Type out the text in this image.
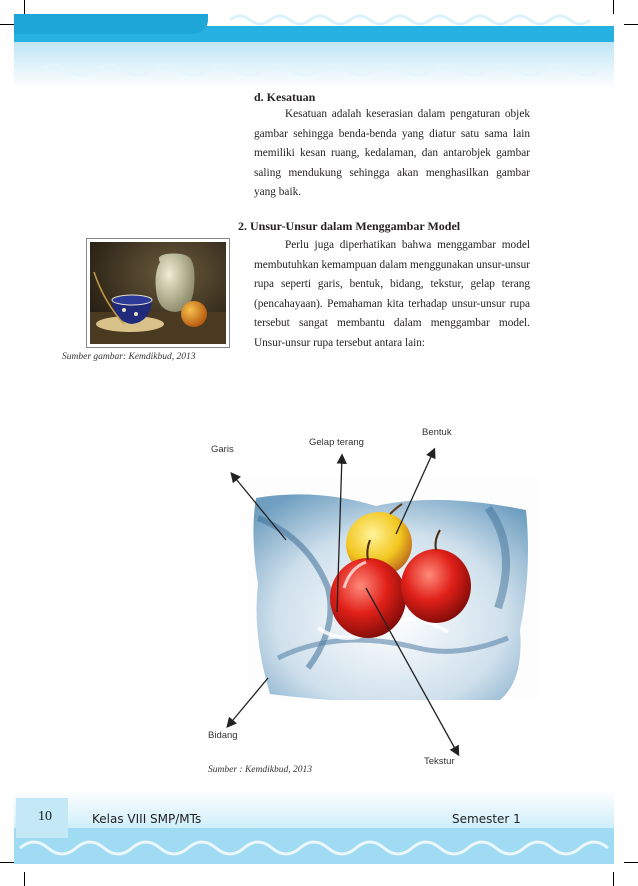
d. Kesatuan

Kesatuan adalah keserasian dalam pengaturan objek gambar sehingga benda-benda yang diatur satu sama lain memiliki kesan ruang, kedalaman, dan antarobjek gambar saling mendukung sehingga akan menghasilkan gambar yang baik.

2. Unsur-Unsur dalam Menggambar Model

Perlu juga diperhatikan bahwa menggambar model membutuhkan kemampuan dalam menggunakan unsur-unsur rupa seperti garis, bentuk, bidang, tekstur, gelap terang (pencahayaan). Pemahaman kita terhadap unsur-unsur rupa tersebut sangat membantu dalam menggambar model. Unsur-unsur rupa tersebut antara lain:

Sumber gambar: Kemdikbud, 2013
Garis
Gelap terang
Bentuk
Bidang
Tekstur
Sumber : Kemdikbud, 2013
10	Kelas VIII SMP/MTs	Semester 1
